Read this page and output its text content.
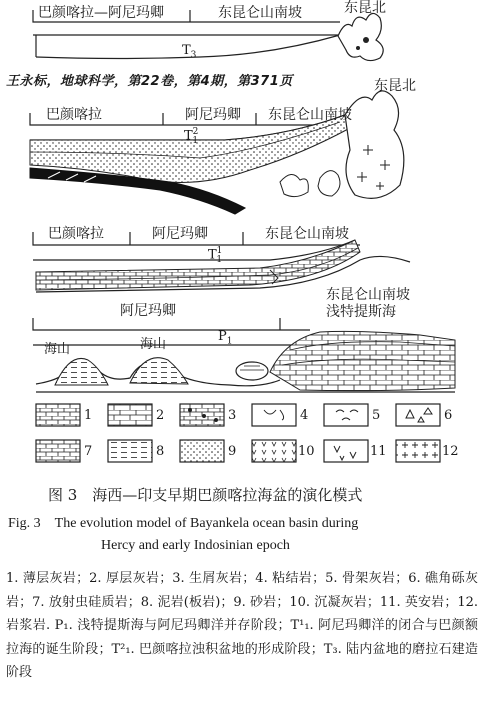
巴颜喀拉—阿尼玛卿	东昆仑山南坡	东昆北
$T_3$
王永标，地球科学，第22卷，第4期，第371页
巴颜喀拉	阿尼玛卿 东昆仑山南坡
东昆北
$T^2_1$
巴颜喀拉	阿尼玛卿	东昆仑山南坡
$T^1_1$
阿尼玛卿
东昆仑山南坡
浅特提斯海
海山	海山
$P_1$
1	2	3	4	5	6
7	8	9	10	11	12
图 3　海西—印支早期巴颜喀拉海盆的演化模式
Fig. 3　The evolution model of Bayankela ocean basin during
Hercy and early Indosinian epoch
1. 薄层灰岩；2. 厚层灰岩；3. 生屑灰岩；4. 粘结岩；5. 骨架灰岩；6. 礁角砾灰岩；7. 放射虫硅质岩；8. 泥岩(板岩)；9. 砂岩；10. 沉凝灰岩；11. 英安岩；12. 岩浆岩. P₁. 浅特提斯海与阿尼玛卿洋并存阶段；T¹₁. 阿尼玛卿洋的闭合与巴颜额拉海的诞生阶段；T²₁. 巴颜喀拉浊积盆地的形成阶段；T₃. 陆内盆地的磨拉石建造阶段
